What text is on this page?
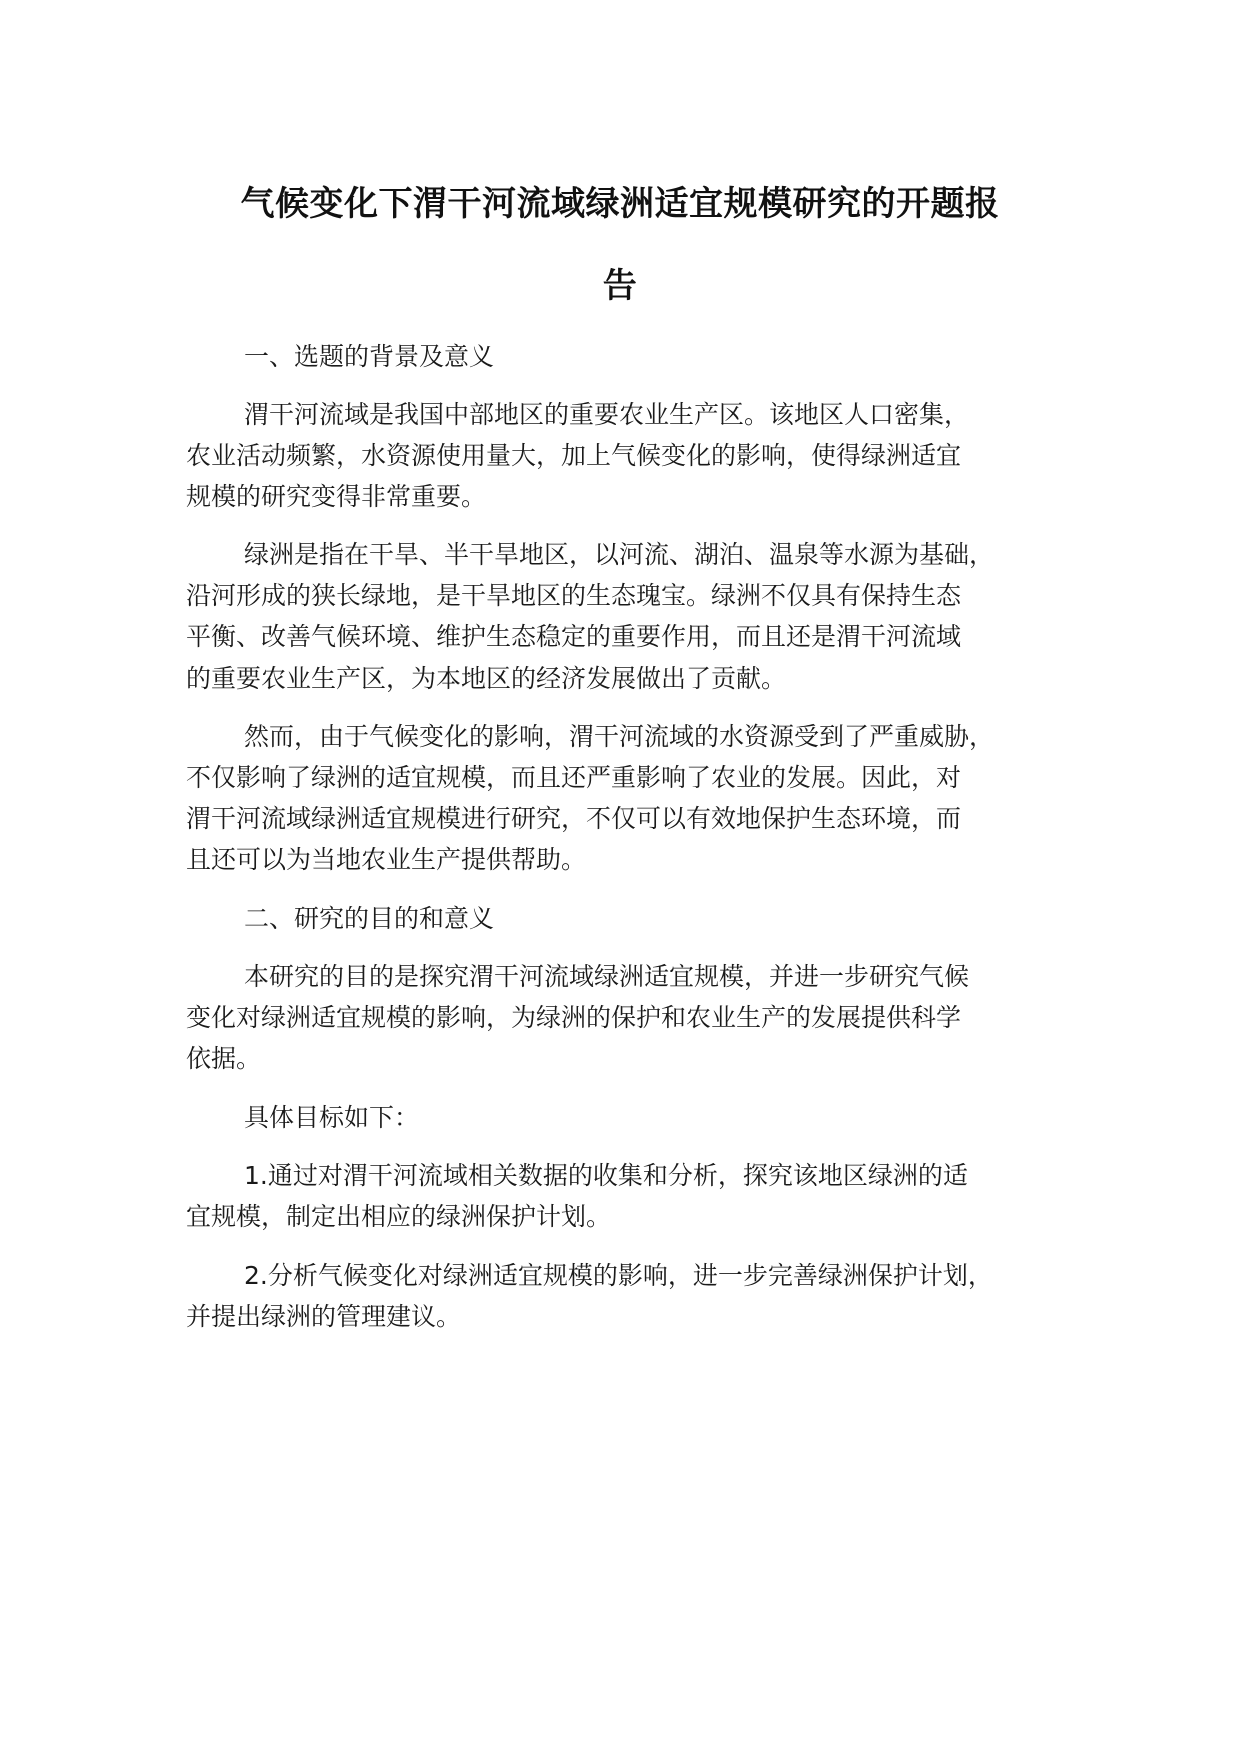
气候变化下渭干河流域绿洲适宜规模研究的开题报
告

一、选题的背景及意义

渭干河流域是我国中部地区的重要农业生产区。该地区人口密集，

农业活动频繁，水资源使用量大，加上气候变化的影响，使得绿洲适宜

规模的研究变得非常重要。

绿洲是指在干旱、半干旱地区，以河流、湖泊、温泉等水源为基础，

沿河形成的狭长绿地，是干旱地区的生态瑰宝。绿洲不仅具有保持生态

平衡、改善气候环境、维护生态稳定的重要作用，而且还是渭干河流域

的重要农业生产区，为本地区的经济发展做出了贡献。

然而，由于气候变化的影响，渭干河流域的水资源受到了严重威胁，

不仅影响了绿洲的适宜规模，而且还严重影响了农业的发展。因此，对

渭干河流域绿洲适宜规模进行研究，不仅可以有效地保护生态环境，而

且还可以为当地农业生产提供帮助。

二、研究的目的和意义

本研究的目的是探究渭干河流域绿洲适宜规模，并进一步研究气候

变化对绿洲适宜规模的影响，为绿洲的保护和农业生产的发展提供科学

依据。

具体目标如下：

1.通过对渭干河流域相关数据的收集和分析，探究该地区绿洲的适

宜规模，制定出相应的绿洲保护计划。

2.分析气候变化对绿洲适宜规模的影响，进一步完善绿洲保护计划，

并提出绿洲的管理建议。
